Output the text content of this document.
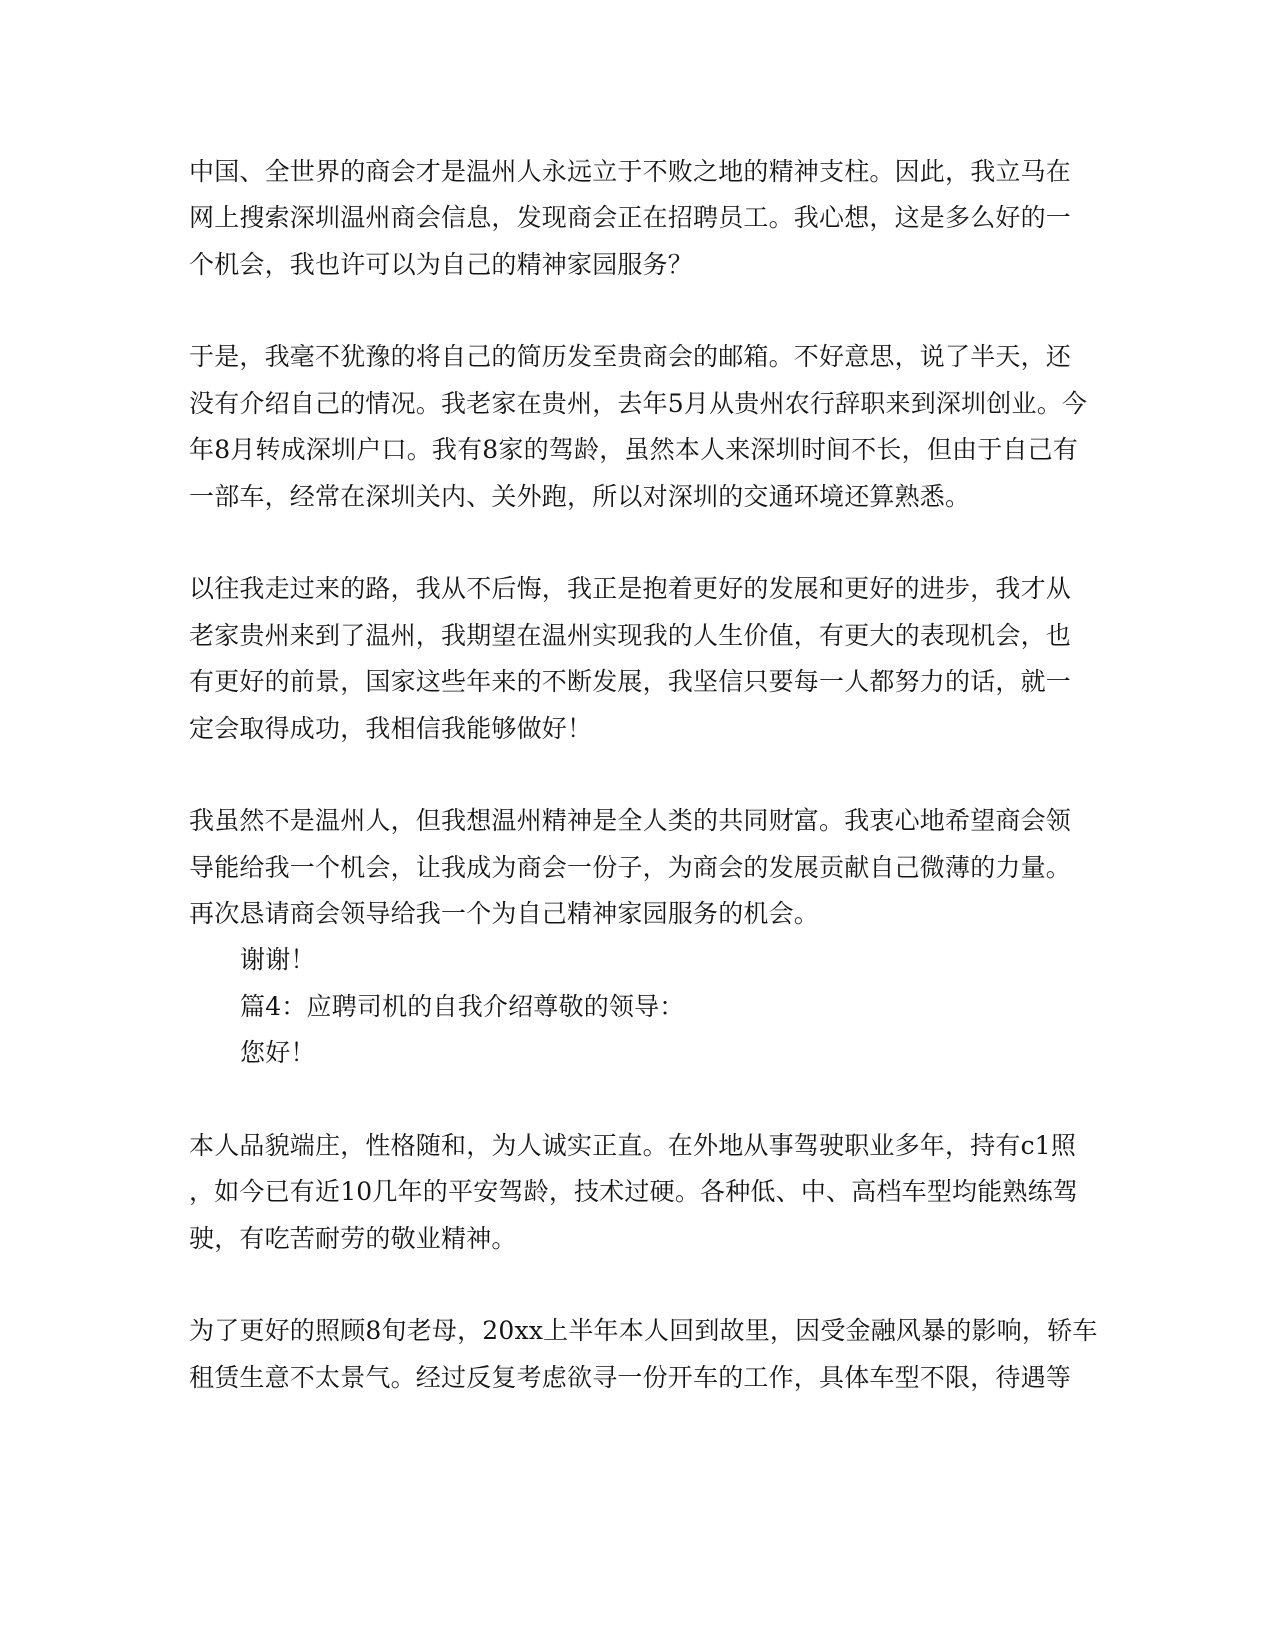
中国、全世界的商会才是温州人永远立于不败之地的精神支柱。因此，我立马在
网上搜索深圳温州商会信息，发现商会正在招聘员工。我心想，这是多么好的一
个机会，我也许可以为自己的精神家园服务？
于是，我毫不犹豫的将自己的简历发至贵商会的邮箱。不好意思，说了半天，还
没有介绍自己的情况。我老家在贵州，去年5月从贵州农行辞职来到深圳创业。今
年8月转成深圳户口。我有8家的驾龄，虽然本人来深圳时间不长，但由于自己有
一部车，经常在深圳关内、关外跑，所以对深圳的交通环境还算熟悉。
以往我走过来的路，我从不后悔，我正是抱着更好的发展和更好的进步，我才从
老家贵州来到了温州，我期望在温州实现我的人生价值，有更大的表现机会，也
有更好的前景，国家这些年来的不断发展，我坚信只要每一人都努力的话，就一
定会取得成功，我相信我能够做好！
我虽然不是温州人，但我想温州精神是全人类的共同财富。我衷心地希望商会领
导能给我一个机会，让我成为商会一份子，为商会的发展贡献自己微薄的力量。
再次恳请商会领导给我一个为自己精神家园服务的机会。
谢谢！
篇4：应聘司机的自我介绍尊敬的领导：
您好！
本人品貌端庄，性格随和，为人诚实正直。在外地从事驾驶职业多年，持有c1照
，如今已有近10几年的平安驾龄，技术过硬。各种低、中、高档车型均能熟练驾
驶，有吃苦耐劳的敬业精神。
为了更好的照顾8旬老母，20xx上半年本人回到故里，因受金融风暴的影响，轿车
租赁生意不太景气。经过反复考虑欲寻一份开车的工作，具体车型不限，待遇等
